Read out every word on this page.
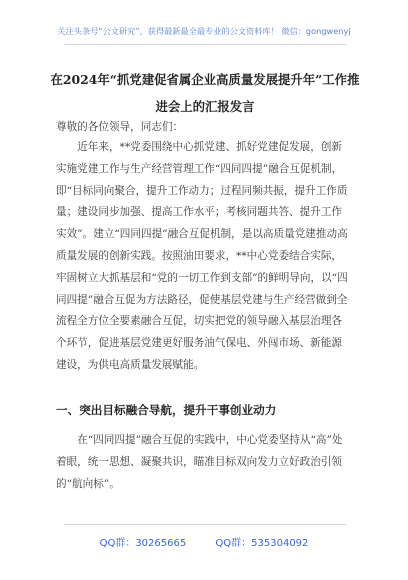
关注头条号“公文研究”，获得最新最全最专业的公文资料库！ 微信：gongwenyj
在2024年“抓党建促省属企业高质量发展提升年”工作推进会上的汇报发言
尊敬的各位领导，同志们：
近年来，**党委围绕中心抓党建、抓好党建促发展，创新实施党建工作与生产经营管理工作“四同四提”融合互促机制，即“目标同向聚合，提升工作动力；过程同频共振，提升工作质量；建设同步加强、提高工作水平；考核同题共答、提升工作实效”。建立“四同四提”融合互促机制，是以高质量党建推动高质量发展的创新实践。按照油田要求，**中心党委结合实际，牢固树立大抓基层和“党的一切工作到支部”的鲜明导向，以“四同四提”融合互促为方法路径，促使基层党建与生产经营做到全流程全方位全要素融合互促，切实把党的领导融入基层治理各个环节，促进基层党建更好服务油气保电、外闯市场、新能源建设，为供电高质量发展赋能。
一、突出目标融合导航，提升干事创业动力
在“四同四提”融合互促的实践中，中心党委坚持从“高”处着眼，统一思想、凝聚共识，瞄准目标双向发力立好政治引领的“航向标”。
QQ群：30265665	QQ群：535304092
